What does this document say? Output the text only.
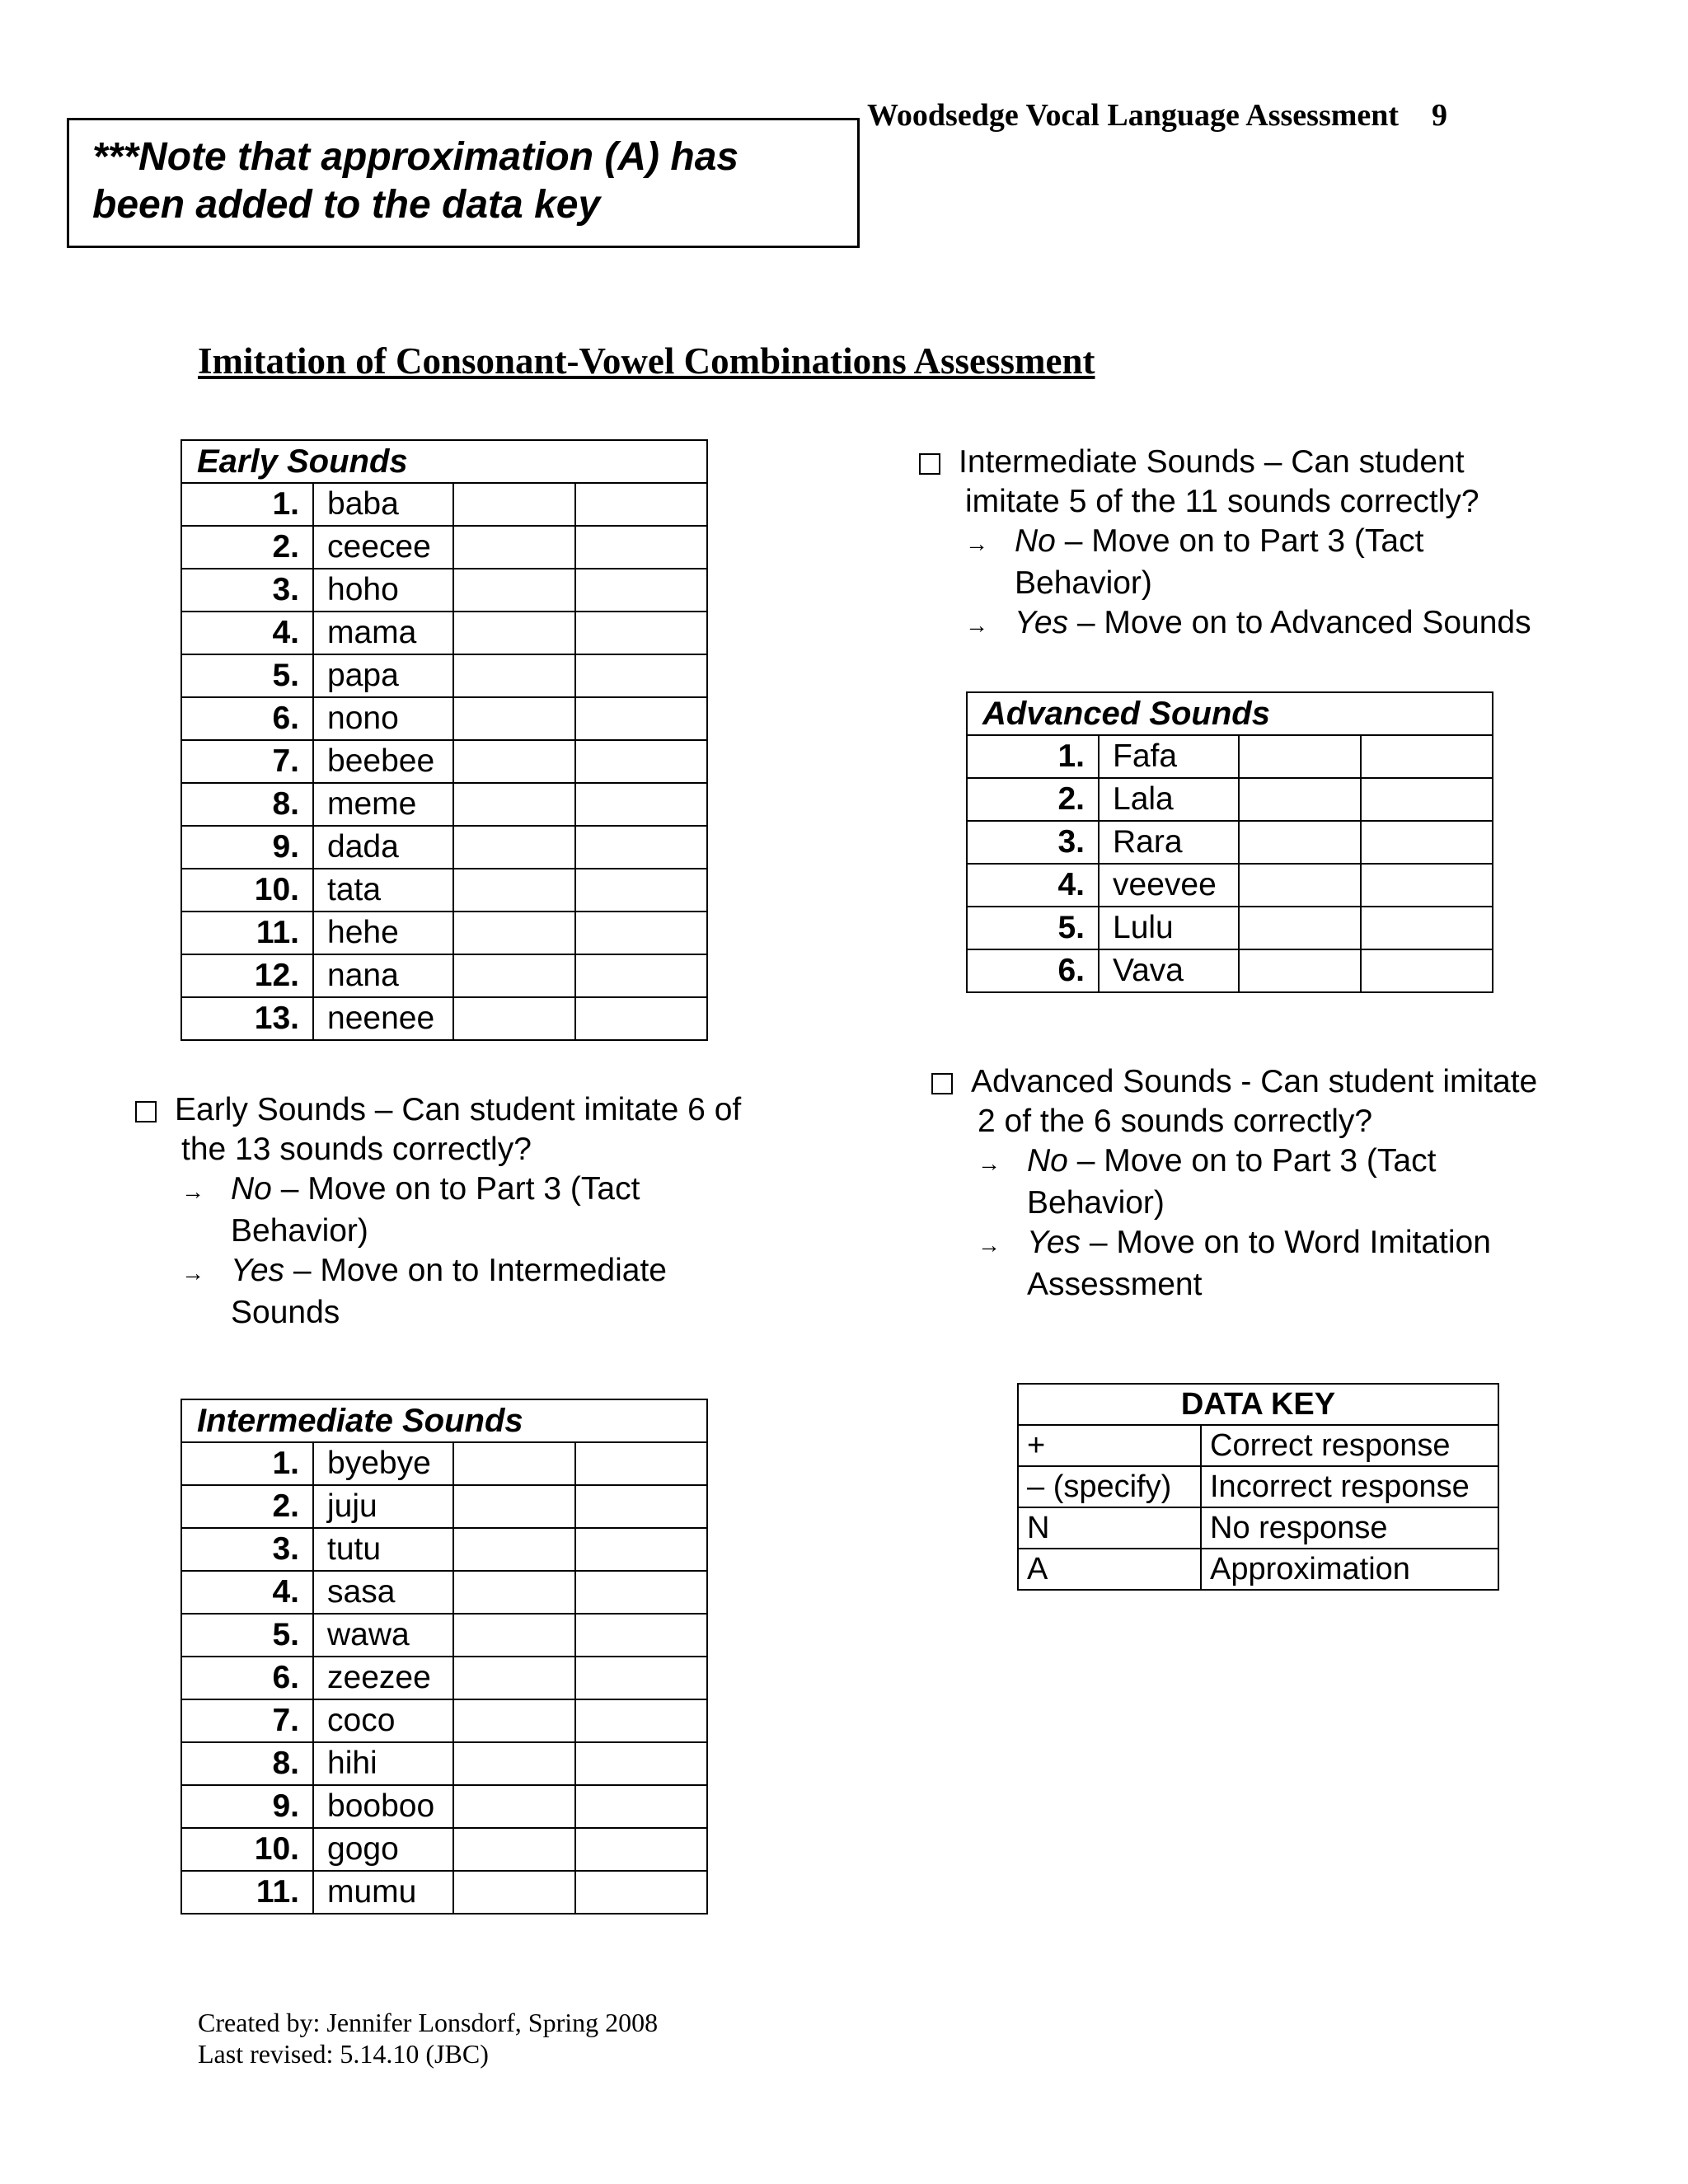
Woodsedge Vocal Language Assessment 9
***Note that approximation (A) has
been added to the data key
Imitation of Consonant-Vowel Combinations Assessment
Early Sounds			
1.	baba		
2.	ceecee		
3.	hoho		
4.	mama		
5.	papa		
6.	nono		
7.	beebee		
8.	meme		
9.	dada		
10.	tata		
11.	hehe		
12.	nana		
13.	neenee		
Early Sounds – Can student imitate 6 of
the 13 sounds correctly?
→ No – Move on to Part 3 (Tact
Behavior)
→ Yes – Move on to Intermediate
Sounds
Intermediate Sounds			
1.	byebye		
2.	juju		
3.	tutu		
4.	sasa		
5.	wawa		
6.	zeezee		
7.	coco		
8.	hihi		
9.	booboo		
10.	gogo		
11.	mumu		
Intermediate Sounds – Can student
imitate 5 of the 11 sounds correctly?
→ No – Move on to Part 3 (Tact
Behavior)
→ Yes – Move on to Advanced Sounds
Advanced Sounds			
1.	Fafa		
2.	Lala		
3.	Rara		
4.	veevee		
5.	Lulu		
6.	Vava		
Advanced Sounds - Can student imitate
2 of the 6 sounds correctly?
→ No – Move on to Part 3 (Tact
Behavior)
→ Yes – Move on to Word Imitation
Assessment
DATA KEY	
+	Correct response
– (specify)	Incorrect response
N	No response
A	Approximation
Created by: Jennifer Lonsdorf, Spring 2008
Last revised: 5.14.10 (JBC)
